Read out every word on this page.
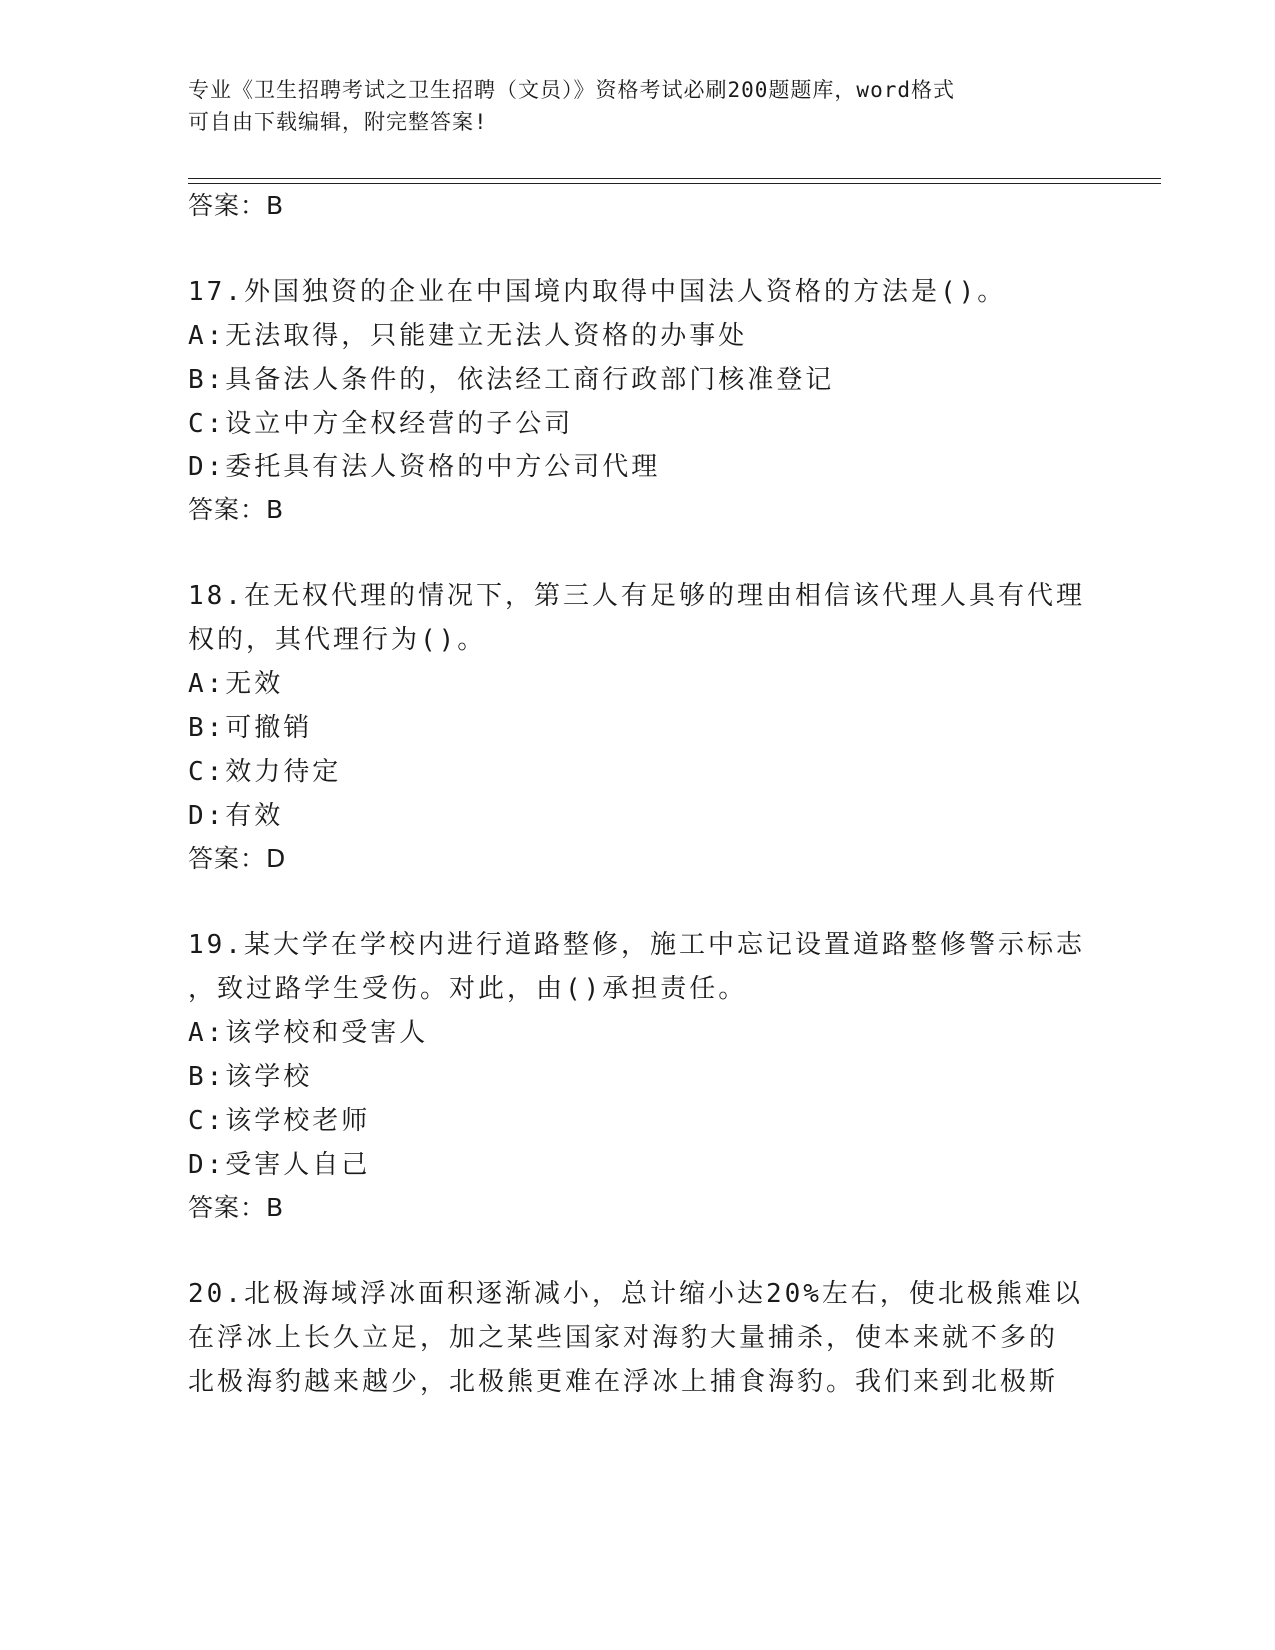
专业《卫生招聘考试之卫生招聘（文员）》资格考试必刷200题题库，word格式
可自由下载编辑，附完整答案!
答案：B
17.外国独资的企业在中国境内取得中国法人资格的方法是()。
A:无法取得，只能建立无法人资格的办事处
B:具备法人条件的，依法经工商行政部门核准登记
C:设立中方全权经营的子公司
D:委托具有法人资格的中方公司代理
答案：B
18.在无权代理的情况下，第三人有足够的理由相信该代理人具有代理
权的，其代理行为()。
A:无效
B:可撤销
C:效力待定
D:有效
答案：D
19.某大学在学校内进行道路整修，施工中忘记设置道路整修警示标志
，致过路学生受伤。对此，由()承担责任。
A:该学校和受害人
B:该学校
C:该学校老师
D:受害人自己
答案：B
20.北极海域浮冰面积逐渐减小，总计缩小达20%左右，使北极熊难以
在浮冰上长久立足，加之某些国家对海豹大量捕杀，使本来就不多的
北极海豹越来越少，北极熊更难在浮冰上捕食海豹。我们来到北极斯
